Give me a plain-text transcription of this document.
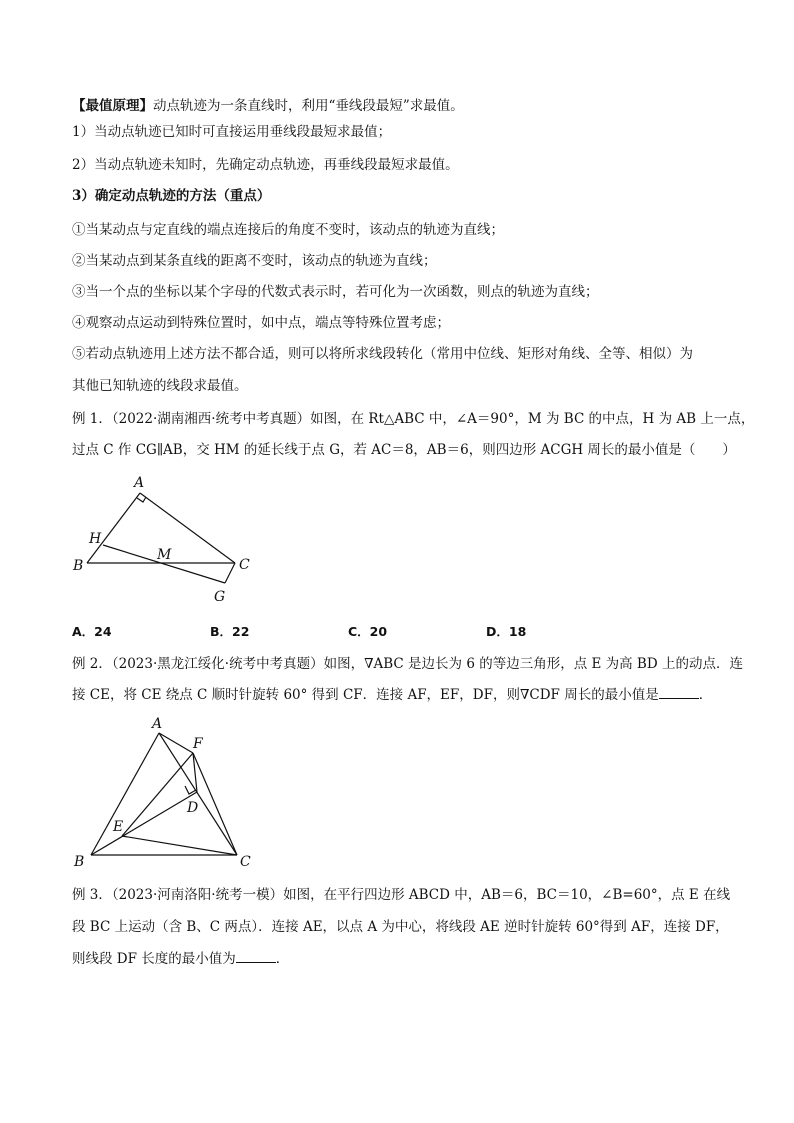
【最值原理】动点轨迹为一条直线时，利用“垂线段最短”求最值。
1）当动点轨迹已知时可直接运用垂线段最短求最值；
2）当动点轨迹未知时，先确定动点轨迹，再垂线段最短求最值。
3）确定动点轨迹的方法（重点）
①当某动点与定直线的端点连接后的角度不变时，该动点的轨迹为直线；
②当某动点到某条直线的距离不变时，该动点的轨迹为直线；
③当一个点的坐标以某个字母的代数式表示时，若可化为一次函数，则点的轨迹为直线；
④观察动点运动到特殊位置时，如中点，端点等特殊位置考虑；
⑤若动点轨迹用上述方法不都合适，则可以将所求线段转化（常用中位线、矩形对角线、全等、相似）为
其他已知轨迹的线段求最值。
例 1．（2022·湖南湘西·统考中考真题）如图，在 Rt△ABC 中，∠A＝90°，M 为 BC 的中点，H 为 AB 上一点，
过点 C 作 CG∥AB，交 HM 的延长线于点 G，若 AC＝8，AB＝6，则四边形 ACGH 周长的最小值是（　　）
A
H
B
M
C
G
A．24	B．22	C．20	D．18
例 2．（2023·黑龙江绥化·统考中考真题）如图，∇ABC 是边长为 6 的等边三角形，点 E 为高 BD 上的动点．连
接 CE，将 CE 绕点 C 顺时针旋转 60° 得到 CF．连接 AF，EF，DF，则∇CDF 周长的最小值是	．
A
F
D
E
B	C
例 3．（2023·河南洛阳·统考一模）如图，在平行四边形 ABCD 中，AB＝6，BC＝10，∠B=60°，点 E 在线
段 BC 上运动（含 B、C 两点）．连接 AE，以点 A 为中心，将线段 AE 逆时针旋转 60°得到 AF，连接 DF，
则线段 DF 长度的最小值为	．
